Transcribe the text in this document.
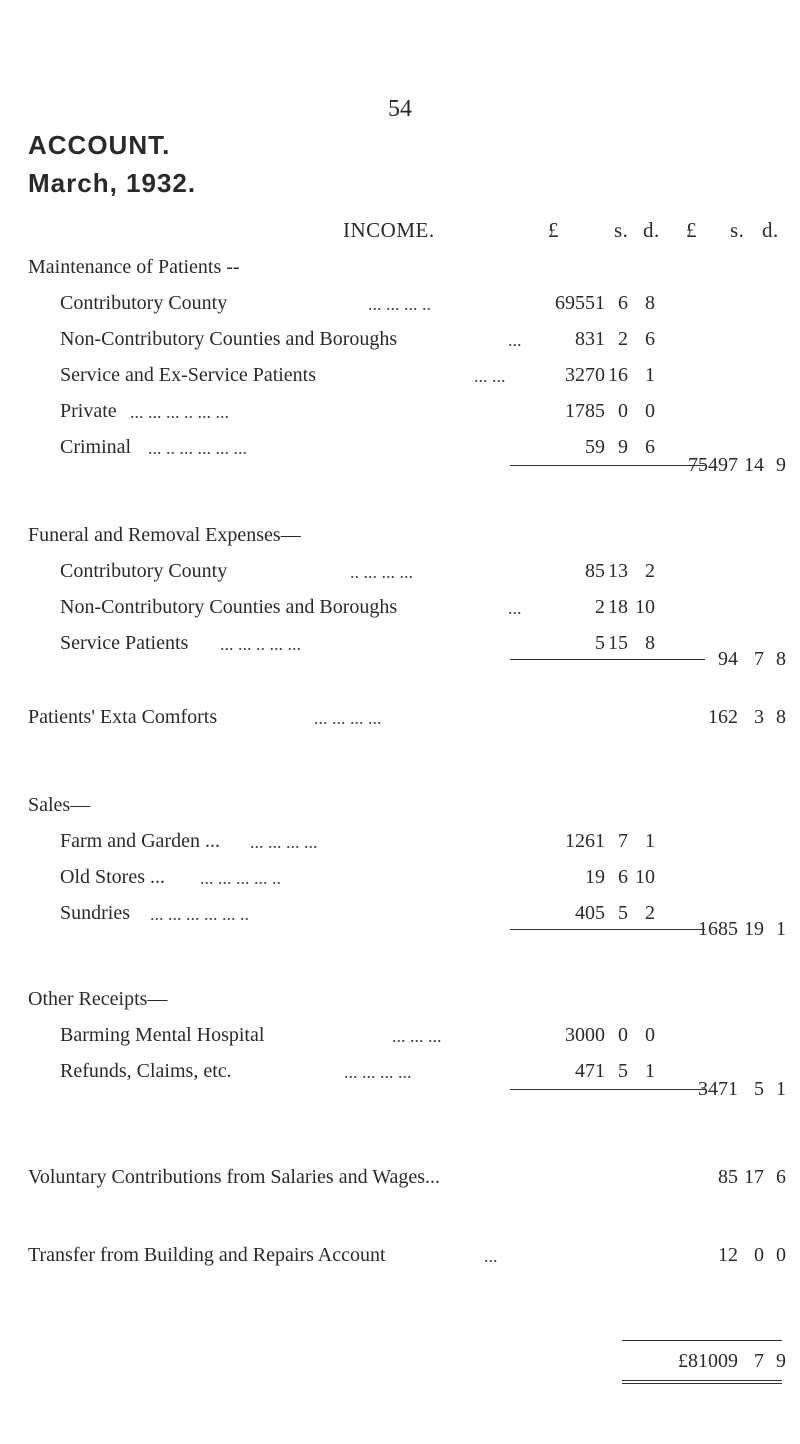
54
ACCOUNT.
March, 1932.
INCOME.	£	s. d. £ s. d.
Maintenance of Patients --
Contributory County	... ... ... ..	69551 6 8
Non-Contributory Counties and Boroughs	...	831 2 6
Service and Ex-Service Patients	... ...	3270 16 1
Private ... ... ... .. ... ...	1785 0 0
Criminal ... .. ... ... ... ...	59 9 6
75497 14 9
Funeral and Removal Expenses—
Contributory County	.. ... ... ...	85 13 2
Non-Contributory Counties and Boroughs	...	2 18 10
Service Patients ... ... .. ... ...	5 15 8
94 7 8
Patients' Exta Comforts	... ... ... ...	162 3 8
Sales—
Farm and Garden ... ... ... ... ...	1261 7 1
Old Stores ... ... ... ... ... ..	19 6 10
Sundries ... ... ... ... ... ..	405 5 2
1685 19 1
Other Receipts—
Barming Mental Hospital	... ... ...	3000 0 0
Refunds, Claims, etc.	... ... ... ...	471 5 1
3471 5 1
Voluntary Contributions from Salaries and Wages...	85 17 6
Transfer from Building and Repairs Account	...	12 0 0
£81009 7 9
